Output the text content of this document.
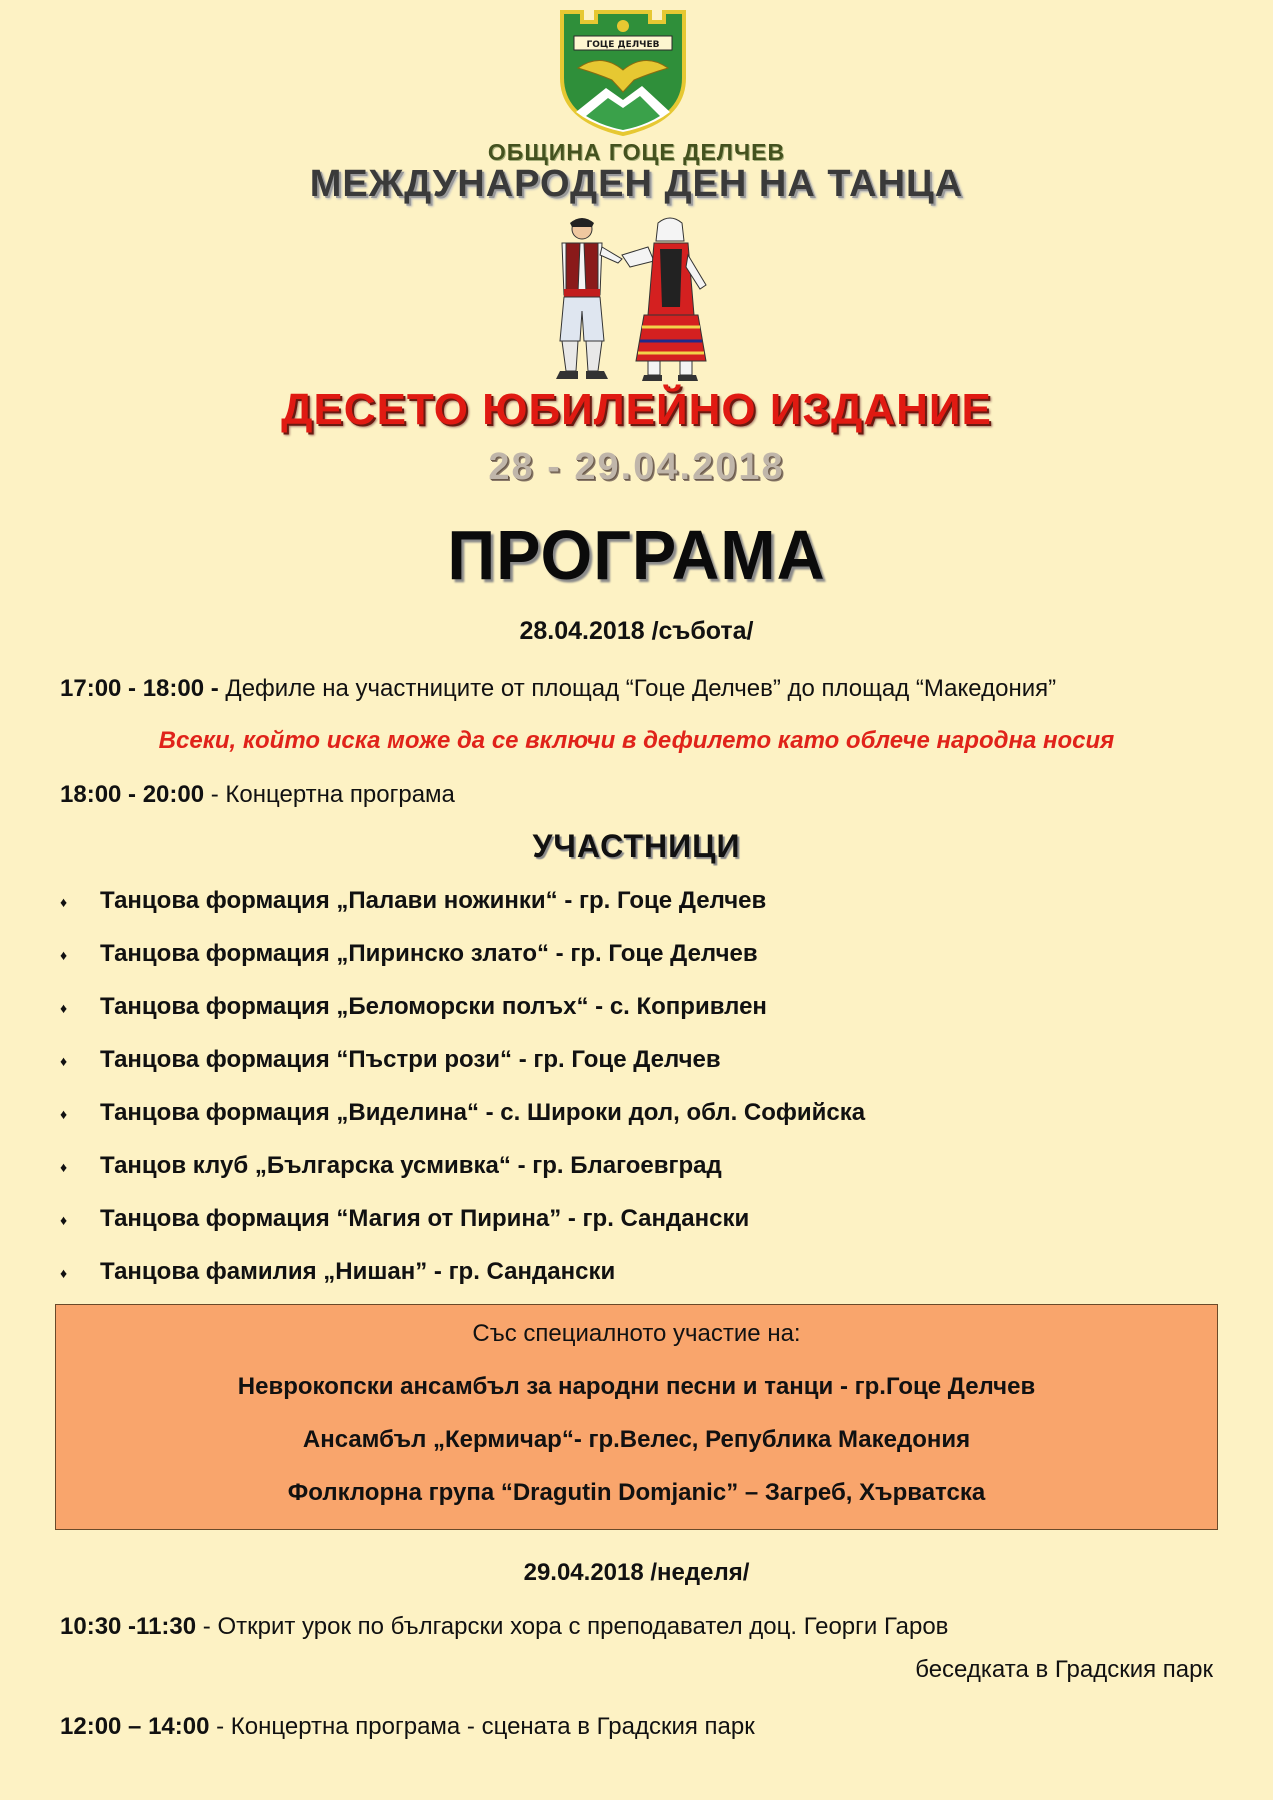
ГОЦЕ ДЕЛЧЕВ
ОБЩИНА ГОЦЕ ДЕЛЧЕВ
МЕЖДУНАРОДЕН ДЕН НА ТАНЦА
ДЕСЕТО ЮБИЛЕЙНО ИЗДАНИЕ
28 - 29.04.2018
ПРОГРАМА
28.04.2018 /събота/
17:00 - 18:00 - Дефиле на участниците от площад “Гоце Делчев” до площад “Македония”
Всеки, който иска може да се включи в дефилето като облече народна носия
18:00 - 20:00 - Концертна програма
УЧАСТНИЦИ
♦ Танцова формация „Палави ножинки“ - гр. Гоце Делчев
♦ Танцова формация „Пиринско злато“ - гр. Гоце Делчев
♦ Танцова формация „Беломорски полъх“ - с. Копривлен
♦ Танцова формация “Пъстри рози“ - гр. Гоце Делчев
♦ Танцова формация „Виделина“ - с. Широки дол, обл. Софийска
♦ Танцов клуб „Българска усмивка“ - гр. Благоевград
♦ Танцова формация “Магия от Пирина” - гр. Сандански
♦ Танцова фамилия „Нишан” - гр. Сандански
Със специалното участие на:
Неврокопски ансамбъл за народни песни и танци - гр.Гоце Делчев
Ансамбъл „Кермичар“- гр.Велес, Република Македония
Фолклорна група “Dragutin Domjanic” – Загреб, Хърватска
29.04.2018 /неделя/
10:30 -11:30 - Открит урок по български хора с преподавател доц. Георги Гаров
беседката в Градския парк
12:00 – 14:00 - Концертна програма - сцената в Градския парк
